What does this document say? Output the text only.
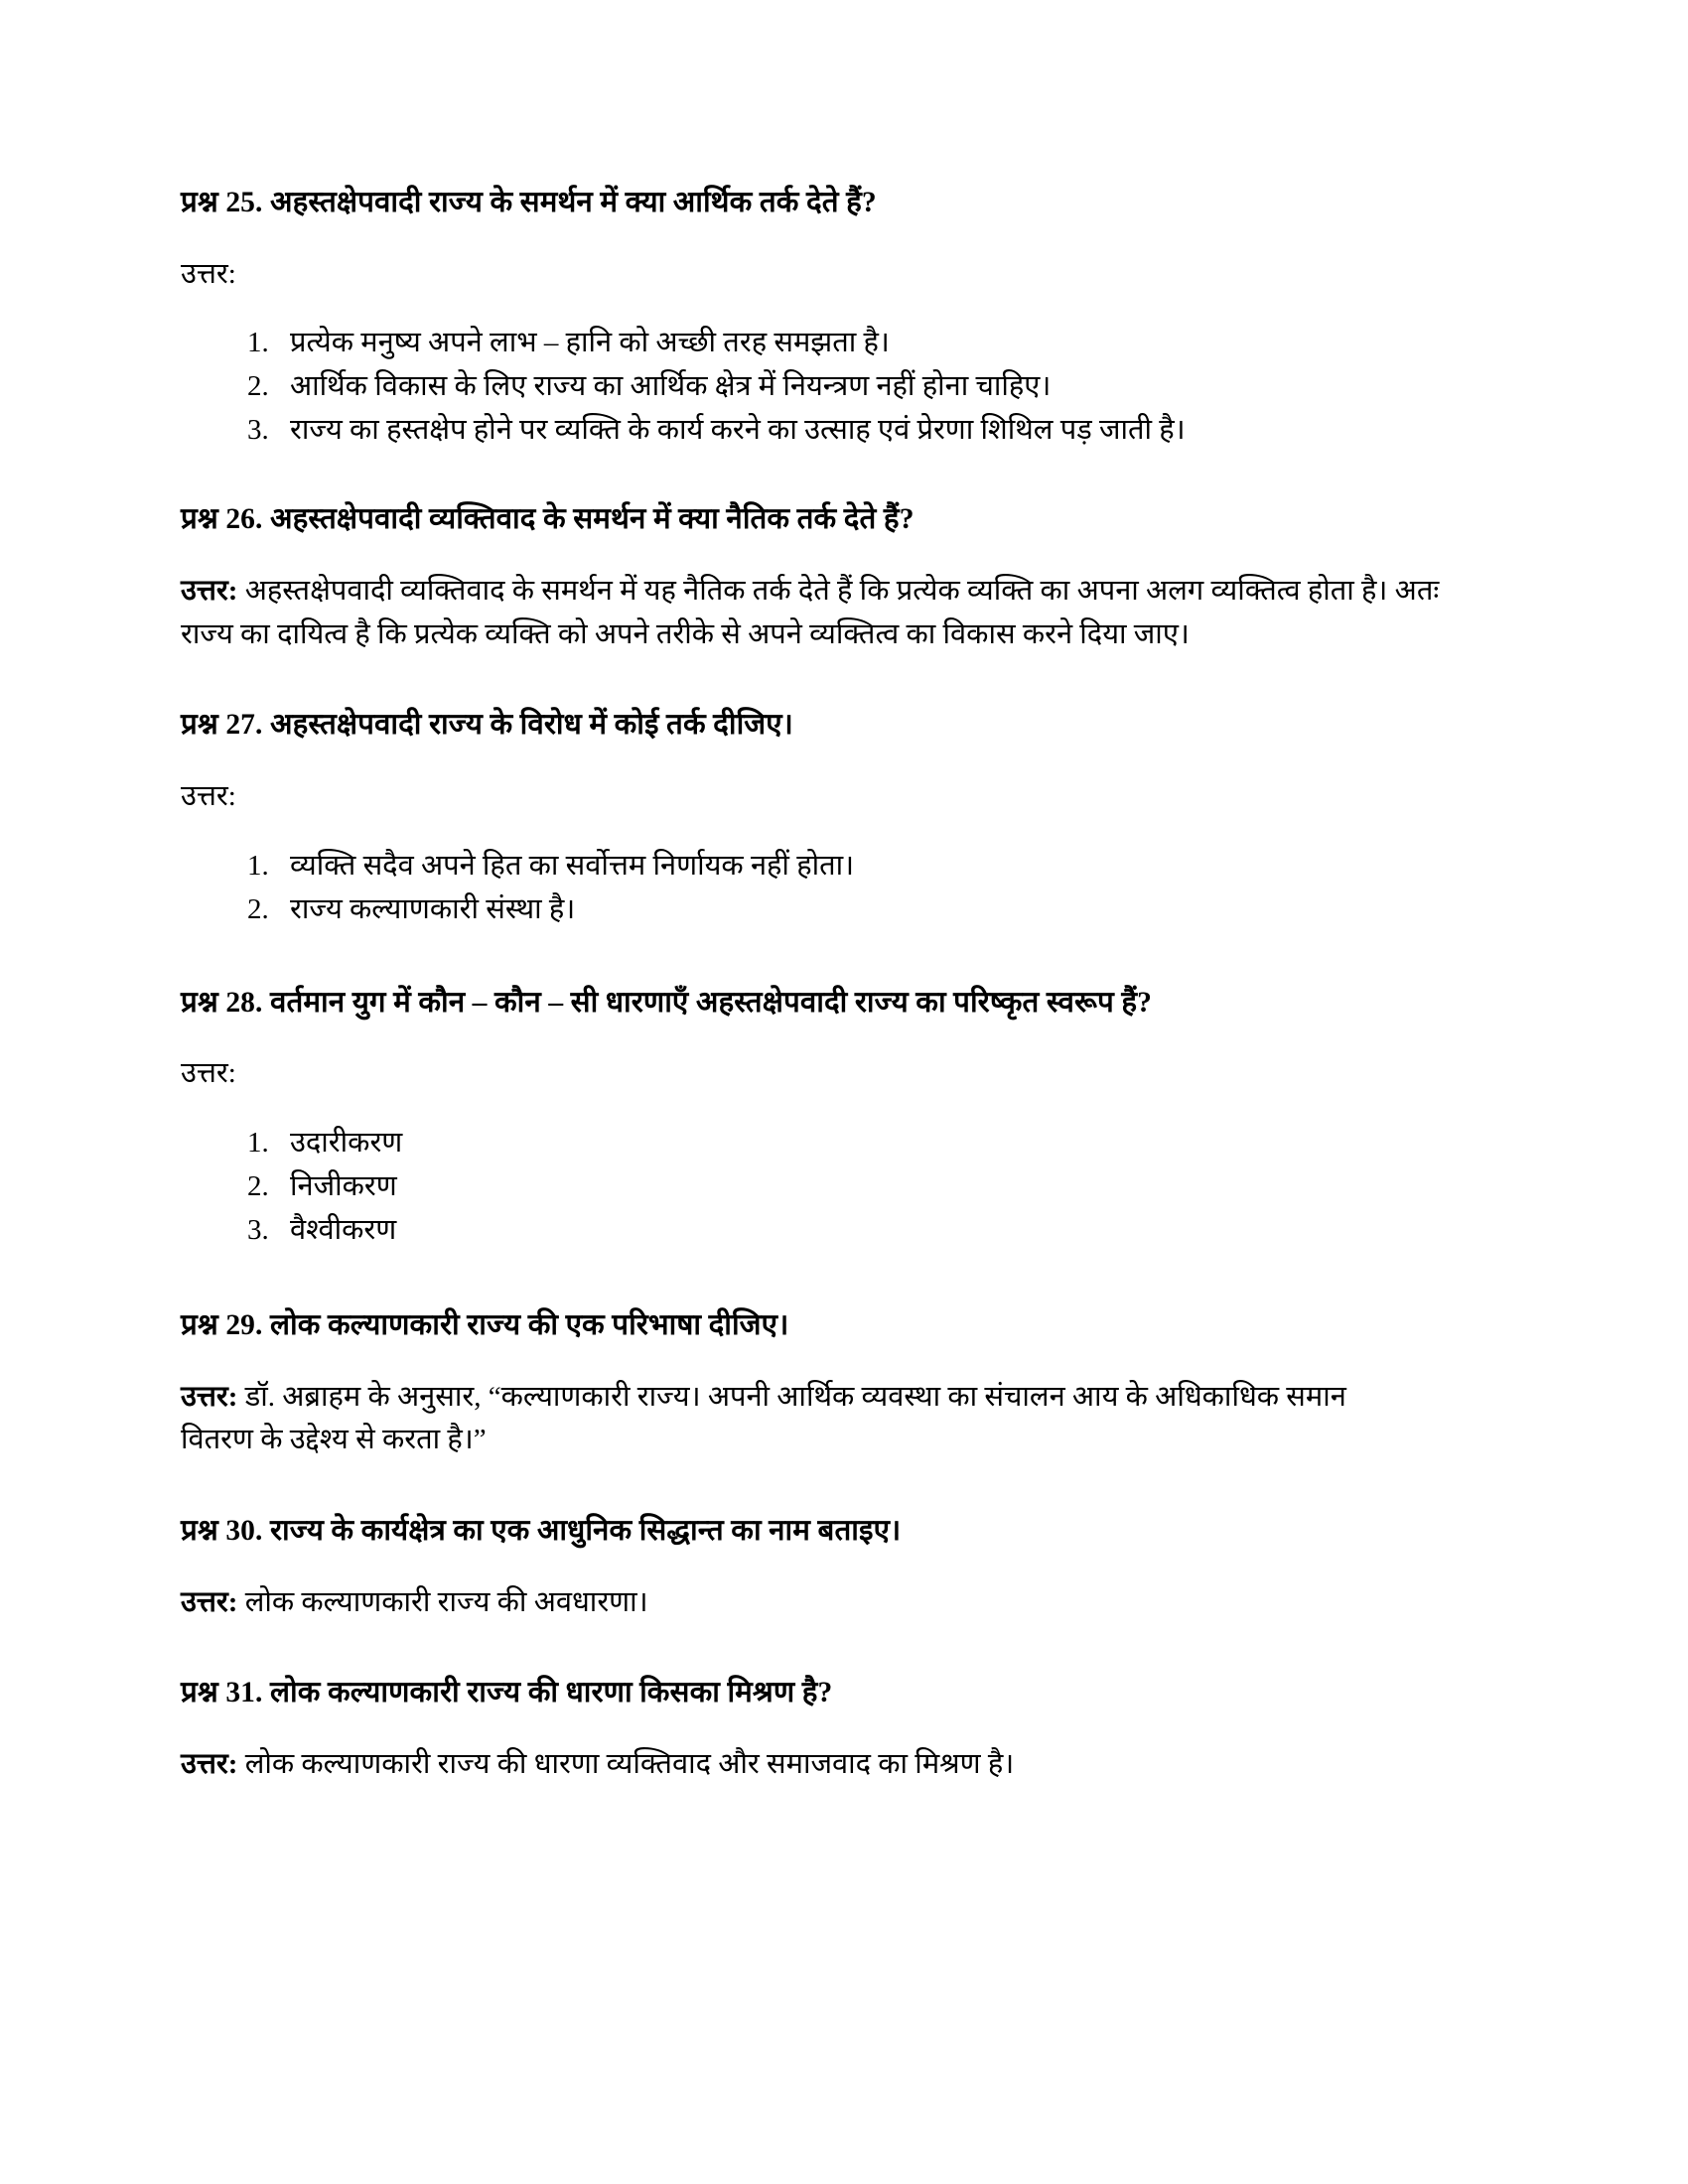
प्रश्न 25. अहस्तक्षेपवादी राज्य के समर्थन में क्या आर्थिक तर्क देते हैं?

उत्तर:

1. प्रत्येक मनुष्य अपने लाभ – हानि को अच्छी तरह समझता है।
2. आर्थिक विकास के लिए राज्य का आर्थिक क्षेत्र में नियन्त्रण नहीं होना चाहिए।
3. राज्य का हस्तक्षेप होने पर व्यक्ति के कार्य करने का उत्साह एवं प्रेरणा शिथिल पड़ जाती है।

प्रश्न 26. अहस्तक्षेपवादी व्यक्तिवाद के समर्थन में क्या नैतिक तर्क देते हैं?

उत्तर: अहस्तक्षेपवादी व्यक्तिवाद के समर्थन में यह नैतिक तर्क देते हैं कि प्रत्येक व्यक्ति का अपना अलग व्यक्तित्व होता है। अतः राज्य का दायित्व है कि प्रत्येक व्यक्ति को अपने तरीके से अपने व्यक्तित्व का विकास करने दिया जाए।

प्रश्न 27. अहस्तक्षेपवादी राज्य के विरोध में कोई तर्क दीजिए।

उत्तर:

1. व्यक्ति सदैव अपने हित का सर्वोत्तम निर्णायक नहीं होता।
2. राज्य कल्याणकारी संस्था है।

प्रश्न 28. वर्तमान युग में कौन – कौन – सी धारणाएँ अहस्तक्षेपवादी राज्य का परिष्कृत स्वरूप हैं?

उत्तर:

1. उदारीकरण
2. निजीकरण
3. वैश्वीकरण

प्रश्न 29. लोक कल्याणकारी राज्य की एक परिभाषा दीजिए।

उत्तर: डॉ. अब्राहम के अनुसार, “कल्याणकारी राज्य। अपनी आर्थिक व्यवस्था का संचालन आय के अधिकाधिक समान वितरण के उद्देश्य से करता है।”

प्रश्न 30. राज्य के कार्यक्षेत्र का एक आधुनिक सिद्धान्त का नाम बताइए।

उत्तर: लोक कल्याणकारी राज्य की अवधारणा।

प्रश्न 31. लोक कल्याणकारी राज्य की धारणा किसका मिश्रण है?

उत्तर: लोक कल्याणकारी राज्य की धारणा व्यक्तिवाद और समाजवाद का मिश्रण है।
